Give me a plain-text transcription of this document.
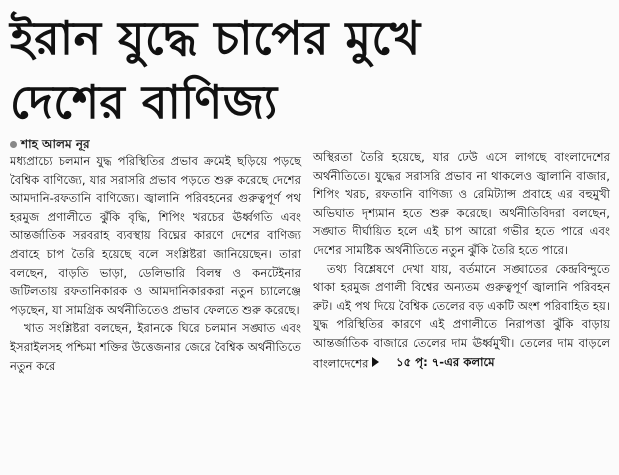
ইরান যুদ্ধে চাপের মুখে
দেশের বাণিজ্য
শাহ আলম নূর

মধ্যপ্রাচ্যে চলমান যুদ্ধ পরিস্থিতির প্রভাব ক্রমেই ছড়িয়ে পড়ছে বৈশ্বিক বাণিজ্যে, যার সরাসরি প্রভাব পড়তে শুরু করেছে দেশের আমদানি-রফতানি বাণিজ্যে। জ্বালানি পরিবহনের গুরুত্বপূর্ণ পথ হরমুজ প্রণালীতে ঝুঁকি বৃদ্ধি, শিপিং খরচের ঊর্ধ্বগতি এবং আন্তর্জাতিক সরবরাহ ব্যবস্থায় বিঘ্নের কারণে দেশের বাণিজ্য প্রবাহে চাপ তৈরি হয়েছে বলে সংশ্লিষ্টরা জানিয়েছেন। তারা বলছেন, বাড়তি ভাড়া, ডেলিভারি বিলম্ব ও কনটেইনার জটিলতায় রফতানিকারক ও আমদানিকারকরা নতুন চ্যালেঞ্জে পড়ছেন, যা সামগ্রিক অর্থনীতিতেও প্রভাব ফেলতে শুরু করেছে।

খাত সংশ্লিষ্টরা বলছেন, ইরানকে ঘিরে চলমান সঙ্ঘাত এবং ইসরাইলসহ পশ্চিমা শক্তির উত্তেজনার জেরে বৈশ্বিক অর্থনীতিতে নতুন করে

অস্থিরতা তৈরি হয়েছে, যার ঢেউ এসে লাগছে বাংলাদেশের অর্থনীতিতে। যুদ্ধের সরাসরি প্রভাব না থাকলেও জ্বালানি বাজার, শিপিং খরচ, রফতানি বাণিজ্য ও রেমিট্যান্স প্রবাহে এর বহুমুখী অভিঘাত দৃশ্যমান হতে শুরু করেছে। অর্থনীতিবিদরা বলছেন, সঙ্ঘাত দীর্ঘায়িত হলে এই চাপ আরো গভীর হতে পারে এবং দেশের সামষ্টিক অর্থনীতিতে নতুন ঝুঁকি তৈরি হতে পারে।

তথ্য বিশ্লেষণে দেখা যায়, বর্তমানে সঙ্ঘাতের কেন্দ্রবিন্দুতে থাকা হরমুজ প্রণালী বিশ্বের অন্যতম গুরুত্বপূর্ণ জ্বালানি পরিবহন রুট। এই পথ দিয়ে বৈশ্বিক তেলের বড় একটি অংশ পরিবাহিত হয়। যুদ্ধ পরিস্থিতির কারণে এই প্রণালীতে নিরাপত্তা ঝুঁকি বাড়ায় আন্তর্জাতিক বাজারে তেলের দাম ঊর্ধ্বমুখী। তেলের দাম বাড়লে বাংলাদেশের	১৫ পৃ: ৭-এর কলামে
